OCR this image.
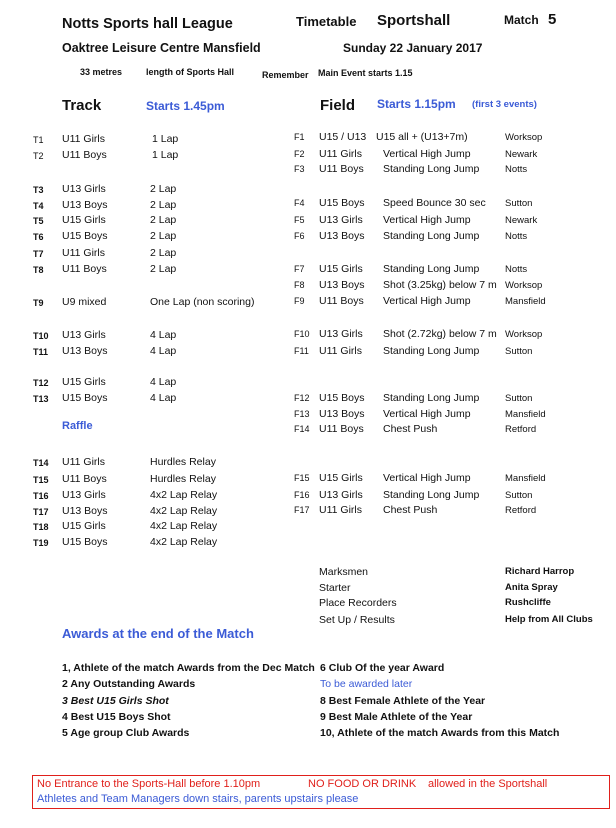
Notts Sports hall League	Timetable Sportshall	Match 5
Oaktree Leisure Centre Mansfield	Sunday 22 January 2017
33 metres	length of Sports Hall	Remember Main Event starts 1.15
Track	Starts 1.45pm	Field Starts 1.15pm (first 3 events)
T1 U11 Girls	1 Lap
T2 U11 Boys	1 Lap
T3 U13 Girls	2 Lap
T4 U13 Boys	2 Lap
T5 U15 Girls	2 Lap
T6 U15 Boys	2 Lap
T7 U11 Girls	2 Lap
T8 U11 Boys	2 Lap
T9 U9 mixed	One Lap (non scoring)
T10 U13 Girls	4 Lap
T11 U13 Boys	4 Lap
T12 U15 Girls	4 Lap
T13 U15 Boys	4 Lap
T14 U11 Girls	Hurdles Relay
T15 U11 Boys	Hurdles Relay
T16 U13 Girls	4x2 Lap Relay
T17 U13 Boys	4x2 Lap Relay
T18 U15 Girls	4x2 Lap Relay
T19 U15 Boys	4x2 Lap Relay
Raffle
F1 U15 / U13 U15 all + (U13+7m)	Worksop
F2 U11 Girls Vertical High Jump	Newark
F3 U11 Boys Standing Long Jump	Notts
F4 U15 Boys Speed Bounce 30 sec Sutton
F5 U13 Girls Vertical High Jump	Newark
F6 U13 Boys Standing Long Jump	Notts
F7 U15 Girls Standing Long Jump	Notts
F8 U13 Boys Shot (3.25kg) below 7 m Worksop
F9 U11 Boys Vertical High Jump	Mansfield
F10 U13 Girls Shot (2.72kg) below 7 m Worksop
F11 U11 Girls Standing Long Jump	Sutton
F12 U15 Boys Standing Long Jump	Sutton
F13 U13 Boys Vertical High Jump	Mansfield
F14 U11 Boys Chest Push	Retford
F15 U15 Girls Vertical High Jump	Mansfield
F16 U13 Girls Standing Long Jump	Sutton
F17 U11 Girls Chest Push	Retford
Marksmen	Richard Harrop
Starter	Anita Spray
Place Recorders	Rushcliffe
Set Up / Results	Help from All Clubs
Awards at the end of the Match
1, Athlete of the match Awards from the Dec Match
2 Any Outstanding Awards
3 Best U15 Girls Shot
4 Best U15 Boys Shot
5 Age group Club Awards
6 Club Of the year Award
To be awarded later
8 Best Female Athlete of the Year
9 Best Male Athlete of the Year
10, Athlete of the match Awards from this Match
No Entrance to the Sports-Hall before 1.10pm	NO FOOD OR DRINK allowed in the Sportshall
Athletes and Team Managers down stairs, parents upstairs please
